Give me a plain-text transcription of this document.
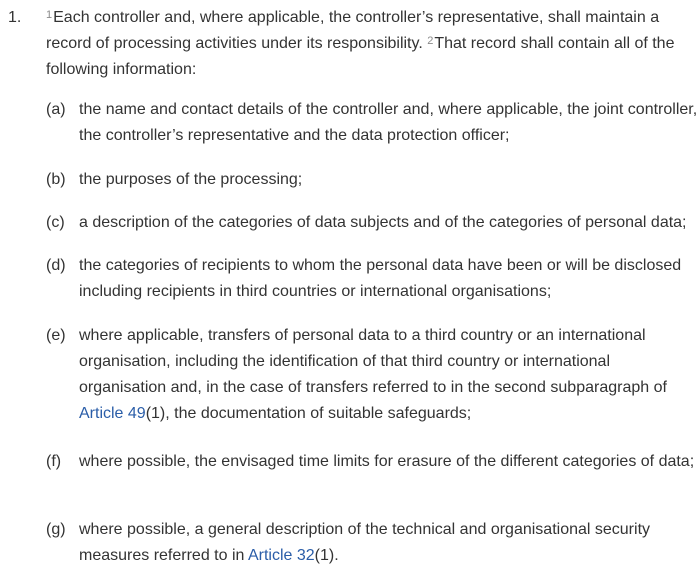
1. $^1$Each controller and, where applicable, the controller’s representative, shall maintain a record of processing activities under its responsibility. $^2$That record shall contain all of the following information:
(a) the name and contact details of the controller and, where applicable, the joint controller, the controller’s representative and the data protection officer;
(b) the purposes of the processing;
(c) a description of the categories of data subjects and of the categories of personal data;
(d) the categories of recipients to whom the personal data have been or will be disclosed including recipients in third countries or international organisations;
(e) where applicable, transfers of personal data to a third country or an international organisation, including the identification of that third country or international organisation and, in the case of transfers referred to in the second subparagraph of Article 49(1), the documentation of suitable safeguards;
(f) where possible, the envisaged time limits for erasure of the different categories of data;
(g) where possible, a general description of the technical and organisational security measures referred to in Article 32(1).
